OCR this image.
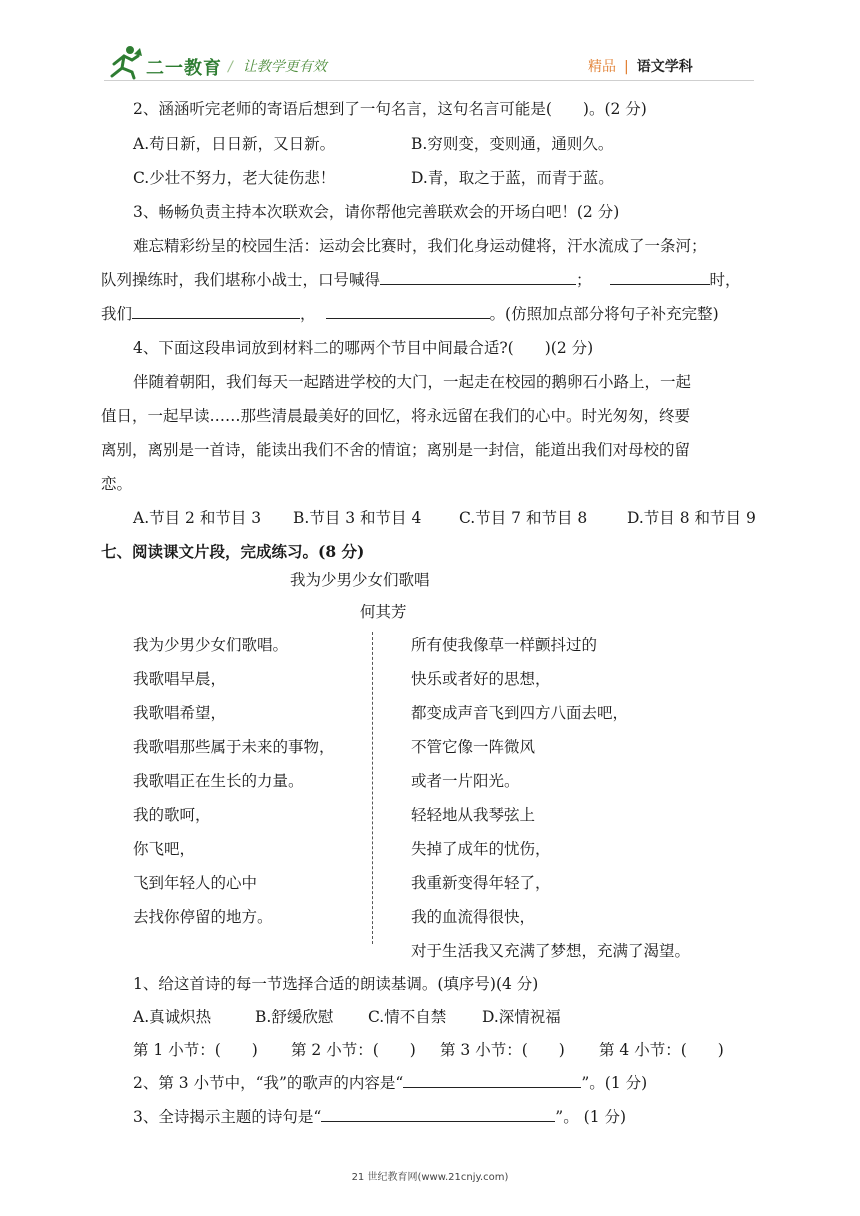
二一教育 / 让教学更有效	精品 | 语文学科
2、涵涵听完老师的寄语后想到了一句名言，这句名言可能是(　　)。(2 分)
A.苟日新，日日新，又日新。	B.穷则变，变则通，通则久。
C.少壮不努力，老大徒伤悲！	D.青，取之于蓝，而青于蓝。
3、畅畅负责主持本次联欢会，请你帮他完善联欢会的开场白吧！(2 分)
难忘精彩纷呈的校园生活：运动会比赛时，我们化身运动健将，汗水流成了一条河；
队列操练时，我们堪称小战士，口号喊得	；	时，
我们	，	。(仿照加点部分将句子补充完整)
4、下面这段串词放到材料二的哪两个节目中间最合适?(　　)(2 分)
伴随着朝阳，我们每天一起踏进学校的大门，一起走在校园的鹅卵石小路上，一起
值日，一起早读……那些清晨最美好的回忆，将永远留在我们的心中。时光匆匆，终要
离别，离别是一首诗，能读出我们不舍的情谊；离别是一封信，能道出我们对母校的留
恋。
A.节目 2 和节目 3 B.节目 3 和节目 4 C.节目 7 和节目 8	D.节目 8 和节目 9
七、阅读课文片段，完成练习。(8 分)
我为少男少女们歌唱
何其芳
我为少男少女们歌唱。
我歌唱早晨，
我歌唱希望，
我歌唱那些属于未来的事物，
我歌唱正在生长的力量。
我的歌呵，
你飞吧，
飞到年轻人的心中
去找你停留的地方。
所有使我像草一样颤抖过的
快乐或者好的思想，
都变成声音飞到四方八面去吧，
不管它像一阵微风
或者一片阳光。
轻轻地从我琴弦上
失掉了成年的忧伤，
我重新变得年轻了，
我的血流得很快，
对于生活我又充满了梦想，充满了渴望。
1、给这首诗的每一节选择合适的朗读基调。(填序号)(4 分)
A.真诚炽热	B.舒缓欣慰 C.情不自禁 D.深情祝福
第 1 小节：(　　) 第 2 小节：(　　) 第 3 小节：(　　) 第 4 小节：(　　)
2、第 3 小节中，“我”的歌声的内容是“	”。(1 分)
3、全诗揭示主题的诗句是“	”。 (1 分)
21 世纪教育网(www.21cnjy.com)
